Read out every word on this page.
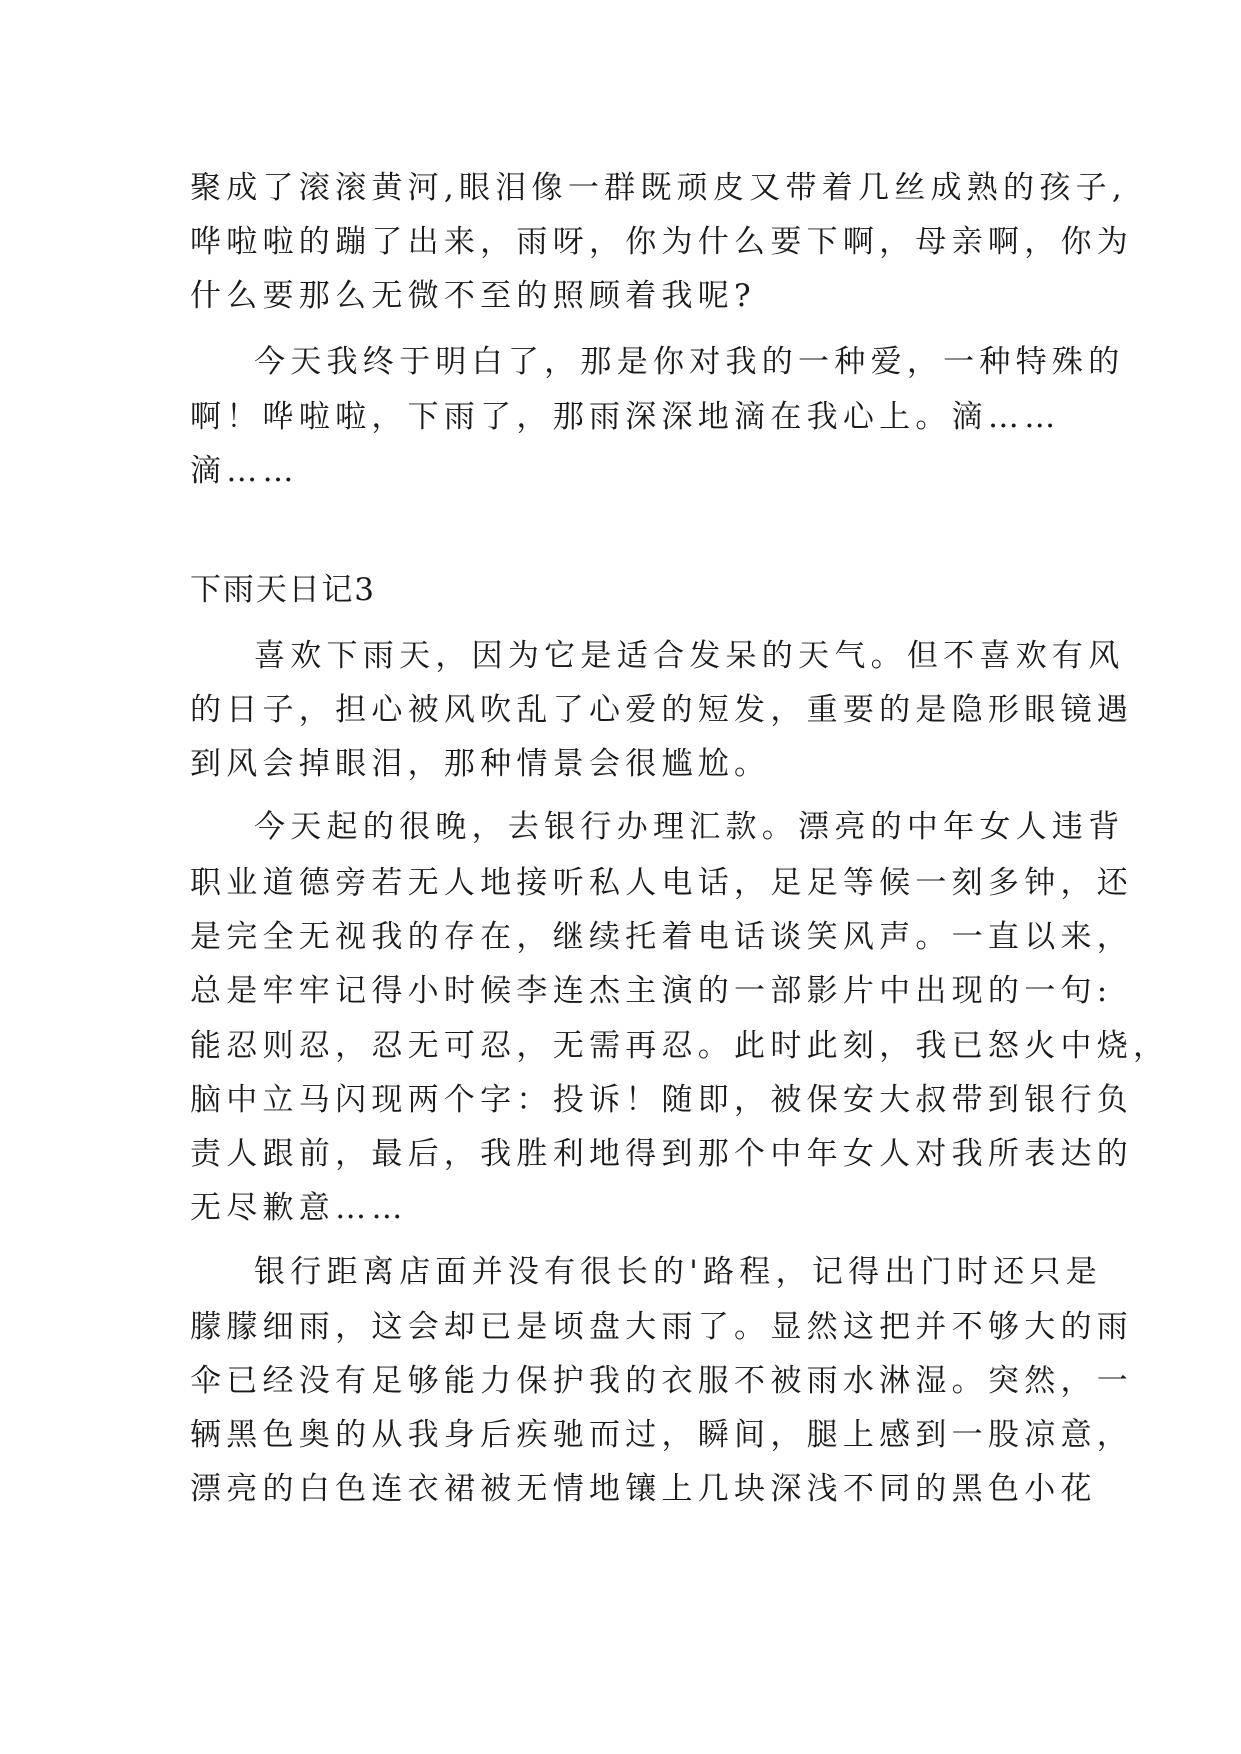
聚成了滚滚黄河,眼泪像一群既顽皮又带着几丝成熟的孩子,
哗啦啦的蹦了出来，雨呀，你为什么要下啊，母亲啊，你为
什么要那么无微不至的照顾着我呢?
今天我终于明白了，那是你对我的一种爱，一种特殊的
啊！哗啦啦，下雨了，那雨深深地滴在我心上。滴……
滴……
下雨天日记3
喜欢下雨天，因为它是适合发呆的天气。但不喜欢有风
的日子，担心被风吹乱了心爱的短发，重要的是隐形眼镜遇
到风会掉眼泪，那种情景会很尴尬。
今天起的很晚，去银行办理汇款。漂亮的中年女人违背
职业道德旁若无人地接听私人电话，足足等候一刻多钟，还
是完全无视我的存在，继续托着电话谈笑风声。一直以来，
总是牢牢记得小时候李连杰主演的一部影片中出现的一句:
能忍则忍，忍无可忍，无需再忍。此时此刻，我已怒火中烧，
脑中立马闪现两个字：投诉！随即，被保安大叔带到银行负
责人跟前，最后，我胜利地得到那个中年女人对我所表达的
无尽歉意……
银行距离店面并没有很长的'路程，记得出门时还只是
朦朦细雨，这会却已是顷盘大雨了。显然这把并不够大的雨
伞已经没有足够能力保护我的衣服不被雨水淋湿。突然，一
辆黑色奥的从我身后疾驰而过，瞬间，腿上感到一股凉意，
漂亮的白色连衣裙被无情地镶上几块深浅不同的黑色小花
